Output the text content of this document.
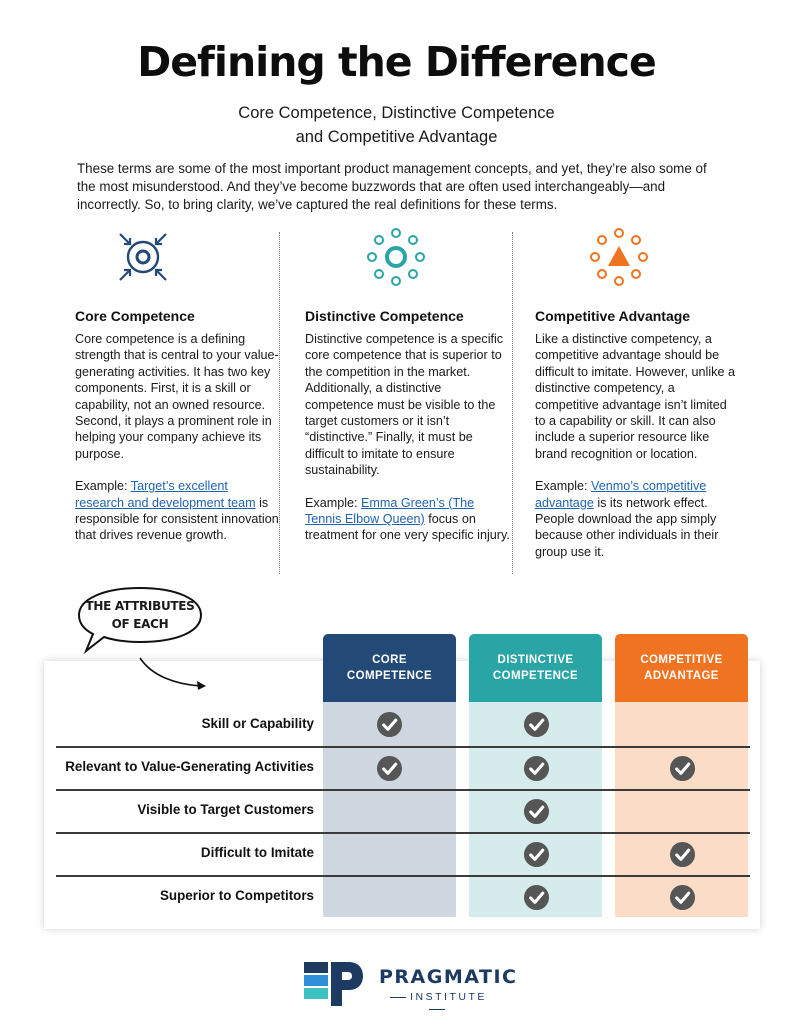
Defining the Difference
Core Competence, Distinctive Competence
and Competitive Advantage

These terms are some of the most important product management concepts, and yet, they’re also some of the most misunderstood. And they’ve become buzzwords that are often used interchangeably—and incorrectly. So, to bring clarity, we’ve captured the real definitions for these terms.

Core Competence

Core competence is a defining strength that is central to your value-generating activities. It has two key components. First, it is a skill or capability, not an owned resource. Second, it plays a prominent role in helping your company achieve its purpose.

Example: Target’s excellent research and development team is responsible for consistent innovation that drives revenue growth.

Distinctive Competence

Distinctive competence is a specific core competence that is superior to the competition in the market. Additionally, a distinctive competence must be visible to the target customers or it isn’t “distinctive.” Finally, it must be difficult to imitate to ensure sustainability.

Example: Emma Green’s (The Tennis Elbow Queen) focus on treatment for one very specific injury.

Competitive Advantage

Like a distinctive competency, a competitive advantage should be difficult to imitate. However, unlike a distinctive competency, a competitive advantage isn’t limited to a capability or skill. It can also include a superior resource like brand recognition or location.

Example: Venmo’s competitive advantage is its network effect. People download the app simply because other individuals in their group use it.

CORE
COMPETENCE
DISTINCTIVE
COMPETENCE
COMPETITIVE
ADVANTAGE
Skill or Capability
Relevant to Value-Generating Activities
Visible to Target Customers
Difficult to Imitate
Superior to Competitors
THE ATTRIBUTES
OF EACH
PRAGMATIC
INSTITUTE
